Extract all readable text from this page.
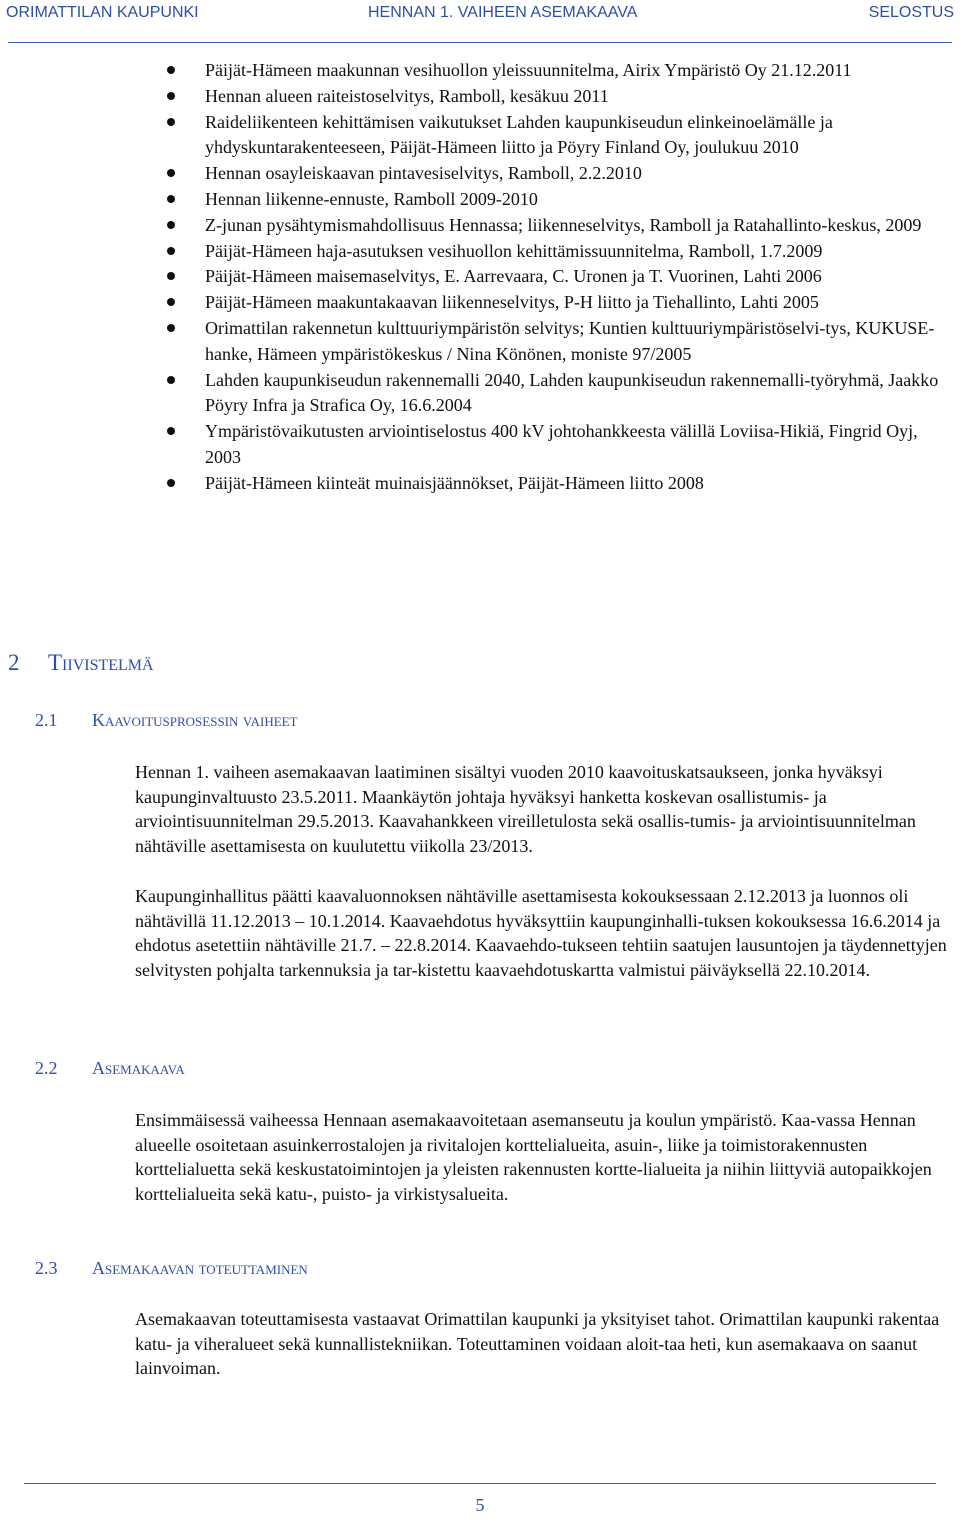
ORIMATTILAN KAUPUNKI	HENNAN 1. VAIHEEN ASEMAKAAVA	SELOSTUS
Päijät-Hämeen maakunnan vesihuollon yleissuunnitelma, Airix Ympäristö Oy 21.12.2011
Hennan alueen raiteistoselvitys, Ramboll, kesäkuu 2011
Raideliikenteen kehittämisen vaikutukset Lahden kaupunkiseudun elinkeinoelämälle ja yhdyskuntarakenteeseen, Päijät-Hämeen liitto ja Pöyry Finland Oy, joulukuu 2010
Hennan osayleiskaavan pintavesiselvitys, Ramboll, 2.2.2010
Hennan liikenne-ennuste, Ramboll 2009-2010
Z-junan pysähtymismahdollisuus Hennassa; liikenneselvitys, Ramboll ja Ratahallinto-keskus, 2009
Päijät-Hämeen haja-asutuksen vesihuollon kehittämissuunnitelma, Ramboll, 1.7.2009
Päijät-Hämeen maisemaselvitys, E. Aarrevaara, C. Uronen ja T. Vuorinen, Lahti 2006
Päijät-Hämeen maakuntakaavan liikenneselvitys, P-H liitto ja Tiehallinto, Lahti 2005
Orimattilan rakennetun kulttuuriympäristön selvitys; Kuntien kulttuuriympäristöselvi-tys, KUKUSE-hanke, Hämeen ympäristökeskus / Nina Könönen, moniste 97/2005
Lahden kaupunkiseudun rakennemalli 2040, Lahden kaupunkiseudun rakennemalli-työryhmä, Jaakko Pöyry Infra ja Strafica Oy, 16.6.2004
Ympäristövaikutusten arviointiselostus 400 kV johtohankkeesta välillä Loviisa-Hikiä, Fingrid Oyj, 2003
Päijät-Hämeen kiinteät muinaisjäännökset, Päijät-Hämeen liitto 2008
2 Tiivistelmä
2.1 Kaavoitusprosessin vaiheet

Hennan 1. vaiheen asemakaavan laatiminen sisältyi vuoden 2010 kaavoituskatsaukseen, jonka hyväksyi kaupunginvaltuusto 23.5.2011. Maankäytön johtaja hyväksyi hanketta koskevan osallistumis- ja arviointisuunnitelman 29.5.2013. Kaavahankkeen vireilletulosta sekä osallis-tumis- ja arviointisuunnitelman nähtäville asettamisesta on kuulutettu viikolla 23/2013.

Kaupunginhallitus päätti kaavaluonnoksen nähtäville asettamisesta kokouksessaan 2.12.2013 ja luonnos oli nähtävillä 11.12.2013 – 10.1.2014. Kaavaehdotus hyväksyttiin kaupunginhalli-tuksen kokouksessa 16.6.2014 ja ehdotus asetettiin nähtäville 21.7. – 22.8.2014. Kaavaehdo-tukseen tehtiin saatujen lausuntojen ja täydennettyjen selvitysten pohjalta tarkennuksia ja tar-kistettu kaavaehdotuskartta valmistui päiväyksellä 22.10.2014.

2.2 Asemakaava

Ensimmäisessä vaiheessa Hennaan asemakaavoitetaan asemanseutu ja koulun ympäristö. Kaa-vassa Hennan alueelle osoitetaan asuinkerrostalojen ja rivitalojen korttelialueita, asuin-, liike ja toimistorakennusten korttelialuetta sekä keskustatoimintojen ja yleisten rakennusten kortte-lialueita ja niihin liittyviä autopaikkojen korttelialueita sekä katu-, puisto- ja virkistysalueita.

2.3 Asemakaavan toteuttaminen

Asemakaavan toteuttamisesta vastaavat Orimattilan kaupunki ja yksityiset tahot. Orimattilan kaupunki rakentaa katu- ja viheralueet sekä kunnallistekniikan. Toteuttaminen voidaan aloit-taa heti, kun asemakaava on saanut lainvoiman.

5
